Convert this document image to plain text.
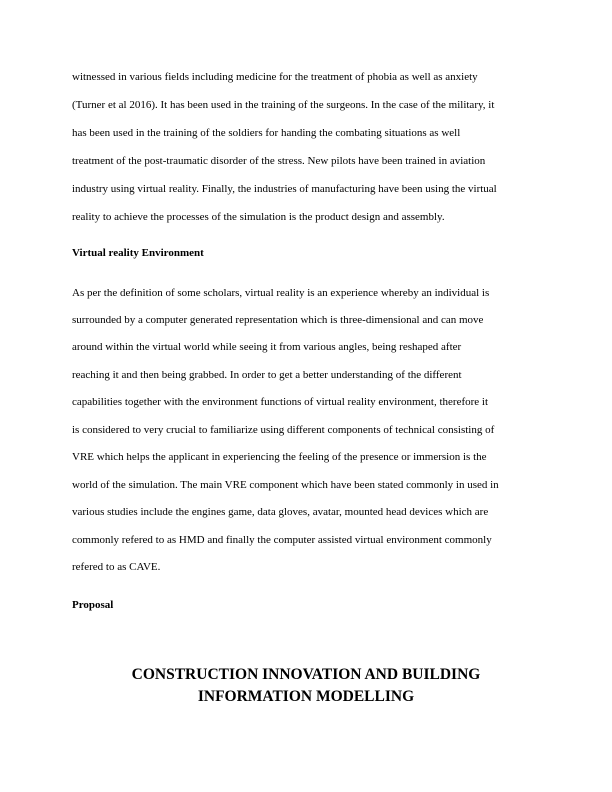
witnessed in various fields including medicine for the treatment of phobia as well as anxiety
(Turner et al 2016). It has been used in the training of the surgeons. In the case of the military, it
has been used in the training of the soldiers for handing the combating situations as well
treatment of the post-traumatic disorder of the stress. New pilots have been trained in aviation
industry using virtual reality. Finally, the industries of manufacturing have been using the virtual
reality to achieve the processes of the simulation is the product design and assembly.
Virtual reality Environment
As per the definition of some scholars, virtual reality is an experience whereby an individual is
surrounded by a computer generated representation which is three-dimensional and can move
around within the virtual world while seeing it from various angles, being reshaped after
reaching it and then being grabbed. In order to get a better understanding of the different
capabilities together with the environment functions of virtual reality environment, therefore it
is considered to very crucial to familiarize using different components of technical consisting of
VRE which helps the applicant in experiencing the feeling of the presence or immersion is the
world of the simulation. The main VRE component which have been stated commonly in used in
various studies include the engines game, data gloves, avatar, mounted head devices which are
commonly refered to as HMD and finally the computer assisted virtual environment commonly
refered to as CAVE.
Proposal
CONSTRUCTION INNOVATION AND BUILDING
INFORMATION MODELLING
